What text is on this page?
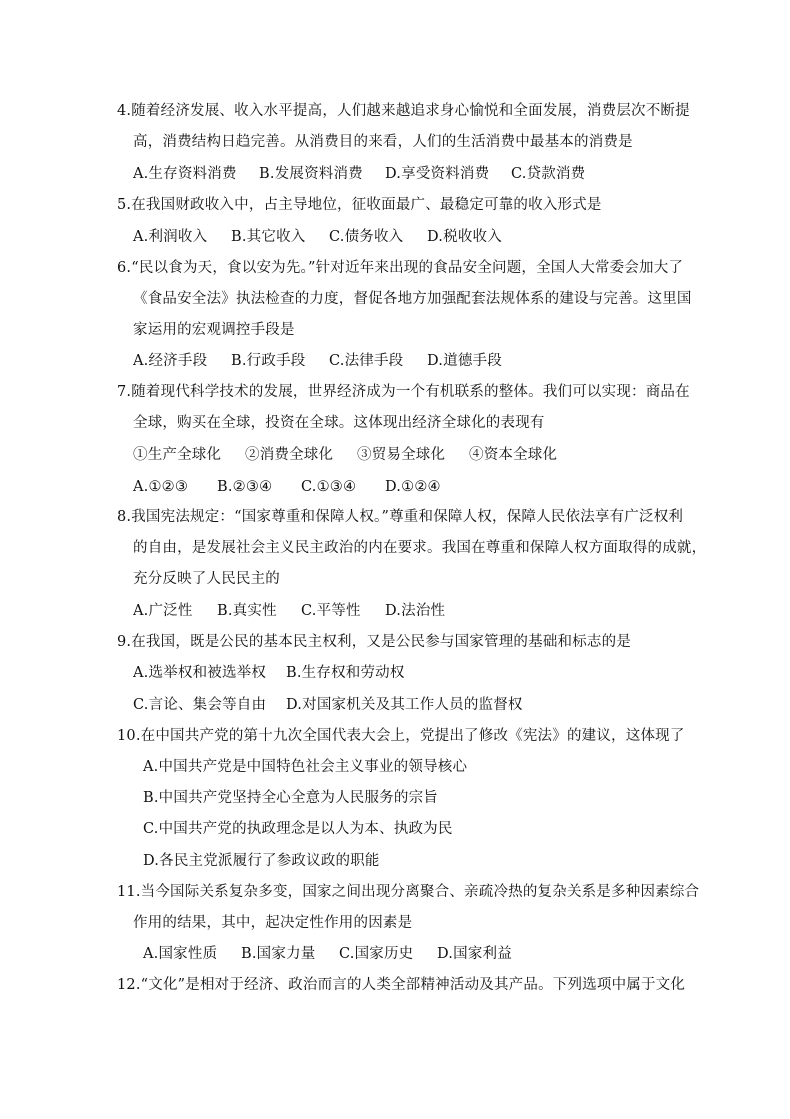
4.随着经济发展、收入水平提高，人们越来越追求身心愉悦和全面发展，消费层次不断提
高，消费结构日趋完善。从消费目的来看，人们的生活消费中最基本的消费是
A.生存资料消费 B.发展资料消费 D.享受资料消费 C.贷款消费
5.在我国财政收入中，占主导地位，征收面最广、最稳定可靠的收入形式是
A.利润收入 B.其它收入 C.债务收入 D.税收收入
6.“民以食为天，食以安为先。”针对近年来出现的食品安全问题，全国人大常委会加大了
《食品安全法》执法检查的力度，督促各地方加强配套法规体系的建设与完善。这里国
家运用的宏观调控手段是
A.经济手段 B.行政手段 C.法律手段 D.道德手段
7.随着现代科学技术的发展，世界经济成为一个有机联系的整体。我们可以实现：商品在
全球，购买在全球，投资在全球。这体现出经济全球化的表现有
①生产全球化 ②消费全球化 ③贸易全球化 ④资本全球化
A.①②③ B.②③④ C.①③④ D.①②④
8.我国宪法规定：“国家尊重和保障人权。”尊重和保障人权，保障人民依法享有广泛权利
的自由，是发展社会主义民主政治的内在要求。我国在尊重和保障人权方面取得的成就，
充分反映了人民民主的
A.广泛性 B.真实性 C.平等性 D.法治性
9.在我国，既是公民的基本民主权利，又是公民参与国家管理的基础和标志的是
A.选举权和被选举权 B.生存权和劳动权
C.言论、集会等自由 D.对国家机关及其工作人员的监督权
10.在中国共产党的第十九次全国代表大会上，党提出了修改《宪法》的建议，这体现了
A.中国共产党是中国特色社会主义事业的领导核心
B.中国共产党坚持全心全意为人民服务的宗旨
C.中国共产党的执政理念是以人为本、执政为民
D.各民主党派履行了参政议政的职能
11.当今国际关系复杂多变，国家之间出现分离聚合、亲疏冷热的复杂关系是多种因素综合
作用的结果，其中，起决定性作用的因素是
A.国家性质 B.国家力量 C.国家历史 D.国家利益
12.“文化”是相对于经济、政治而言的人类全部精神活动及其产品。下列选项中属于文化
